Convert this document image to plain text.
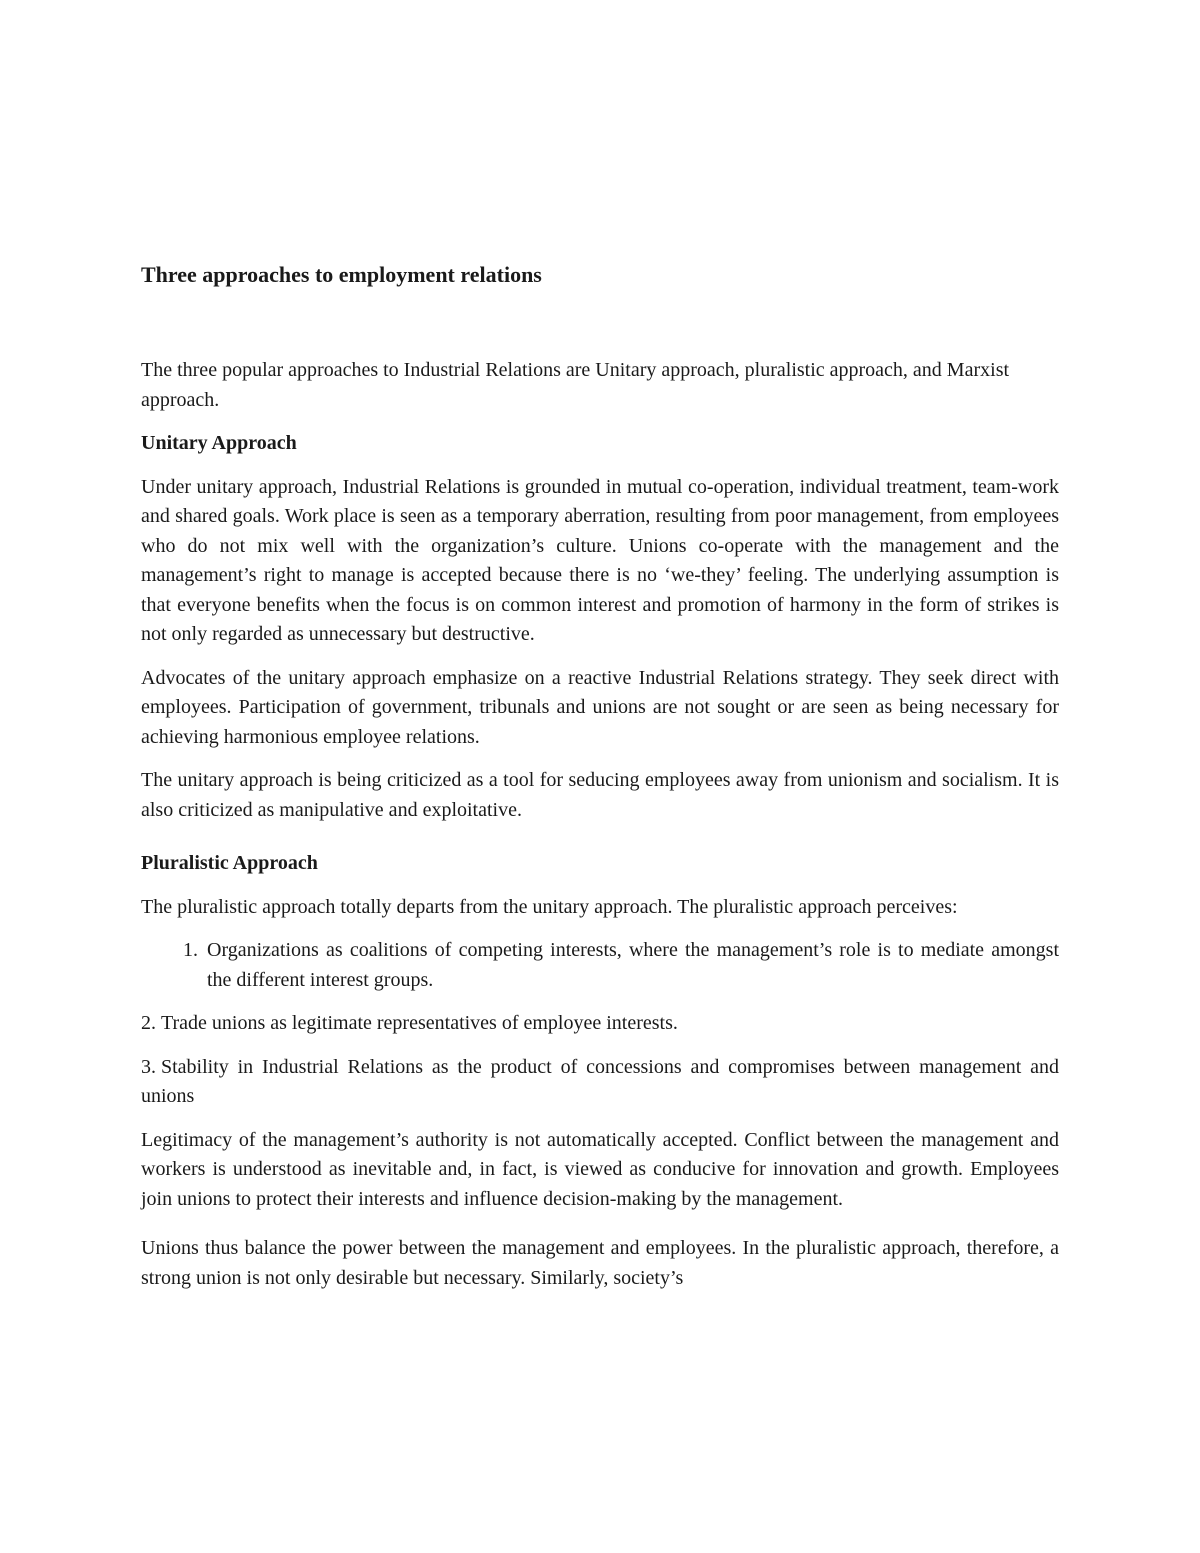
Three approaches to employment relations

The three popular approaches to Industrial Relations are Unitary approach, pluralistic approach, and Marxist approach.

Unitary Approach

Under unitary approach, Industrial Relations is grounded in mutual co-operation, individual treatment, team-work and shared goals. Work place is seen as a temporary aberration, resulting from poor management, from employees who do not mix well with the organization’s culture. Unions co-operate with the management and the management’s right to manage is accepted because there is no ‘we-they’ feeling. The underlying assumption is that everyone benefits when the focus is on common interest and promotion of harmony in the form of strikes is not only regarded as unnecessary but destructive.

Advocates of the unitary approach emphasize on a reactive Industrial Relations strategy. They seek direct with employees. Participation of government, tribunals and unions are not sought or are seen as being necessary for achieving harmonious employee relations.

The unitary approach is being criticized as a tool for seducing employees away from unionism and socialism. It is also criticized as manipulative and exploitative.

Pluralistic Approach

The pluralistic approach totally departs from the unitary approach. The pluralistic approach perceives:

1. Organizations as coalitions of competing interests, where the management’s role is to mediate amongst the different interest groups.
2. Trade unions as legitimate representatives of employee interests.
3. Stability in Industrial Relations as the product of concessions and compromises between management and unions

Legitimacy of the management’s authority is not automatically accepted. Conflict between the management and workers is understood as inevitable and, in fact, is viewed as conducive for innovation and growth. Employees join unions to protect their interests and influence decision-making by the management.

Unions thus balance the power between the management and employees. In the pluralistic approach, therefore, a strong union is not only desirable but necessary. Similarly, society’s
